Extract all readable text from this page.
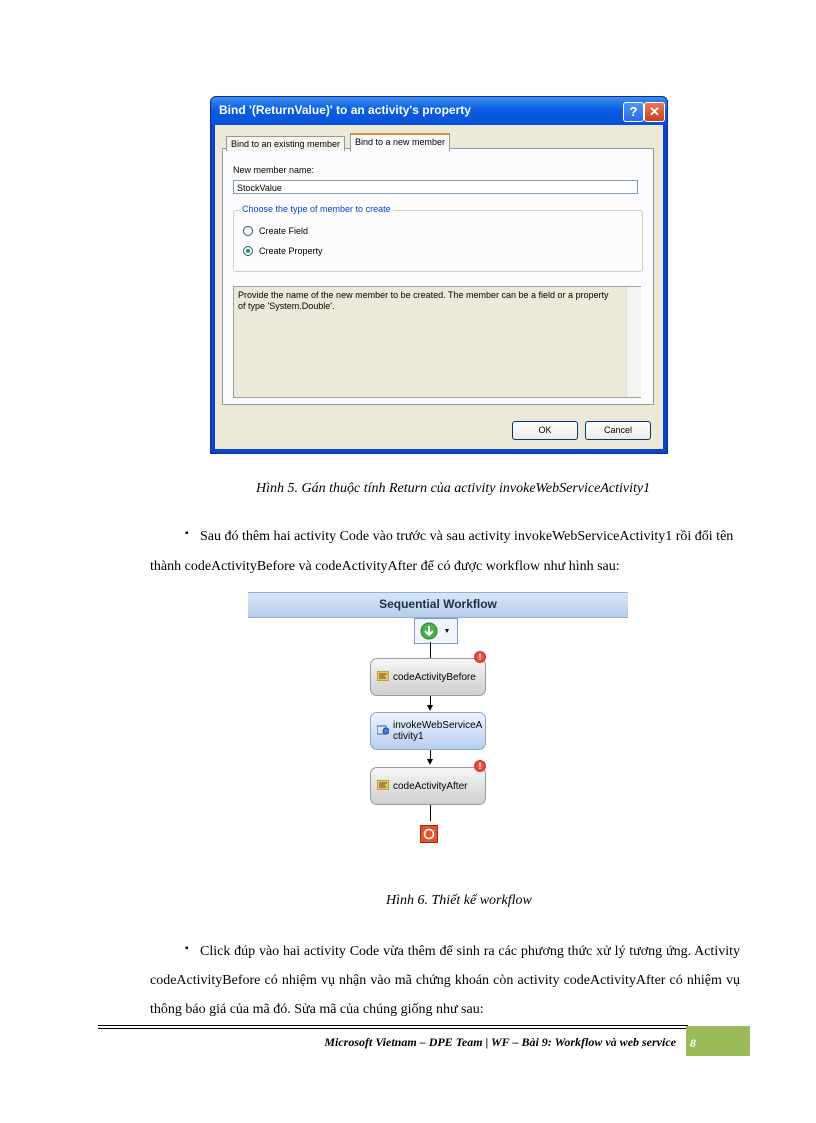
Bind '(ReturnValue)' to an activity's property	? ✕
Bind to an existing member	Bind to a new member
New member name:
StockValue
Choose the type of member to create
Create Field
Create Property
Provide the name of the new member to be created. The member can be a field or a property of type 'System.Double'.
OK	Cancel
Hình 5. Gán thuộc tính Return của activity invokeWebServiceActivity1
▪ Sau đó thêm hai activity Code vào trước và sau activity invokeWebServiceActivity1 rồi đổi tên thành codeActivityBefore và codeActivityAfter để có được workflow như hình sau:
Sequential Workflow
codeActivityBefore
!
invokeWebServiceA ctivity1
codeActivityAfter
!
Hình 6. Thiết kế workflow
▪ Click đúp vào hai activity Code vừa thêm để sinh ra các phương thức xử lý tương ứng. Activity codeActivityBefore có nhiệm vụ nhận vào mã chứng khoán còn activity codeActivityAfter có nhiệm vụ thông báo giá của mã đó. Sửa mã của chúng giống như sau:
Microsoft Vietnam – DPE Team | WF – Bài 9: Workflow và web service 8
